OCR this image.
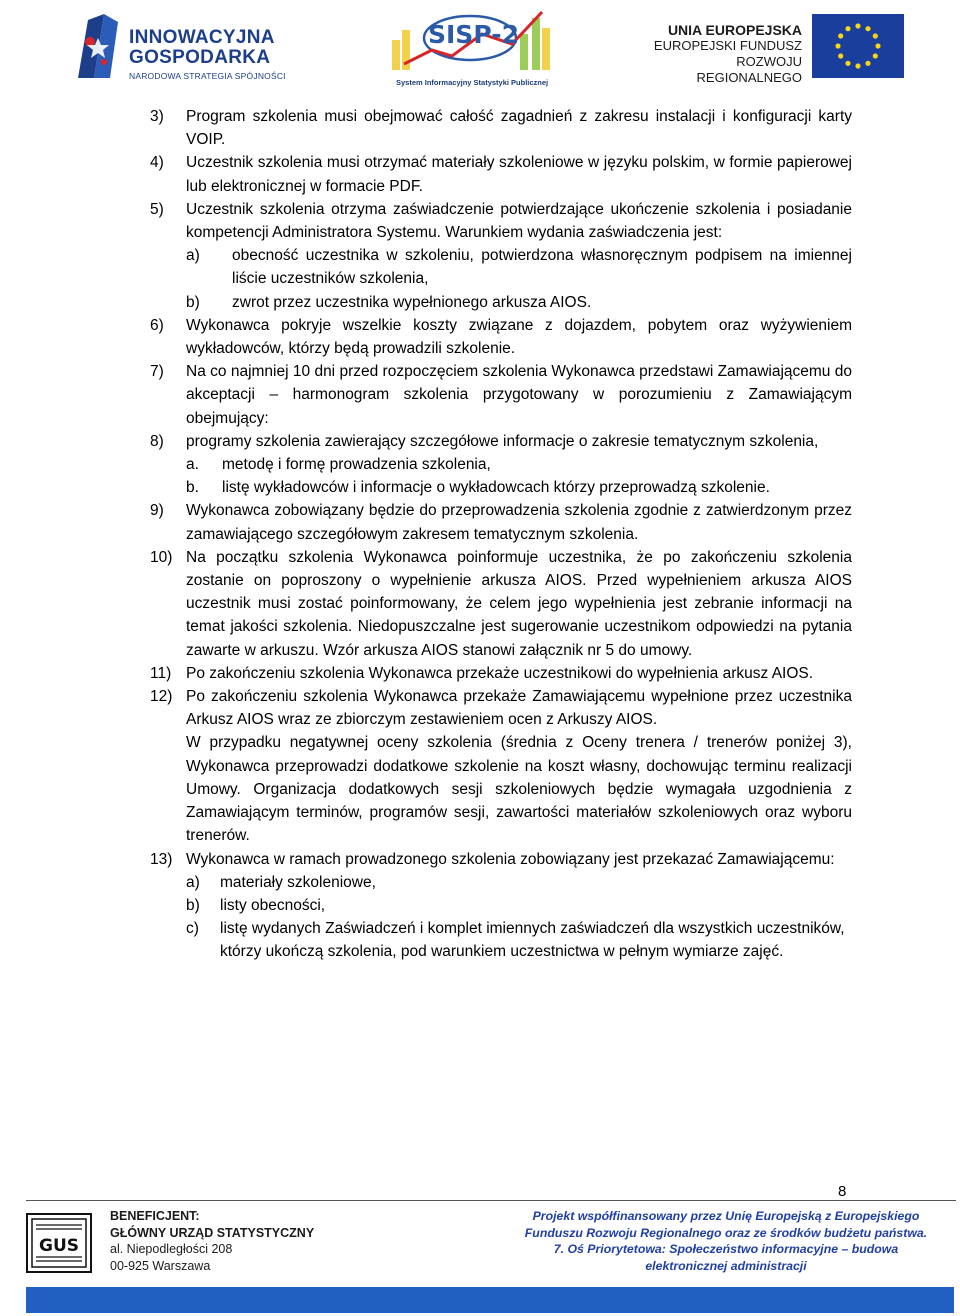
INNOWACYJNA
GOSPODARKA
NARODOWA STRATEGIA SPÓJNOŚCI
SISP-2
System Informacyjny Statystyki Publicznej
UNIA EUROPEJSKA
EUROPEJSKI FUNDUSZ
ROZWOJU REGIONALNEGO
3) Program szkolenia musi obejmować całość zagadnień z zakresu instalacji i konfiguracji karty VOIP.
4) Uczestnik szkolenia musi otrzymać materiały szkoleniowe w języku polskim, w formie papierowej lub elektronicznej w formacie PDF.
5) Uczestnik szkolenia otrzyma zaświadczenie potwierdzające ukończenie szkolenia i posiadanie kompetencji Administratora Systemu. Warunkiem wydania zaświadczenia jest:
a) obecność uczestnika w szkoleniu, potwierdzona własnoręcznym podpisem na imiennej liście uczestników szkolenia,
b) zwrot przez uczestnika wypełnionego arkusza AIOS.
6) Wykonawca pokryje wszelkie koszty związane z dojazdem, pobytem oraz wyżywieniem wykładowców, którzy będą prowadzili szkolenie.
7) Na co najmniej 10 dni przed rozpoczęciem szkolenia Wykonawca przedstawi Zamawiającemu do akceptacji – harmonogram szkolenia przygotowany w porozumieniu z Zamawiającym obejmujący:
8) programy szkolenia zawierający szczegółowe informacje o zakresie tematycznym szkolenia,
a. metodę i formę prowadzenia szkolenia,
b. listę wykładowców i informacje o wykładowcach którzy przeprowadzą szkolenie.
9) Wykonawca zobowiązany będzie do przeprowadzenia szkolenia zgodnie z zatwierdzonym przez zamawiającego szczegółowym zakresem tematycznym szkolenia.
10) Na początku szkolenia Wykonawca poinformuje uczestnika, że po zakończeniu szkolenia zostanie on poproszony o wypełnienie arkusza AIOS. Przed wypełnieniem arkusza AIOS uczestnik musi zostać poinformowany, że celem jego wypełnienia jest zebranie informacji na temat jakości szkolenia. Niedopuszczalne jest sugerowanie uczestnikom odpowiedzi na pytania zawarte w arkuszu. Wzór arkusza AIOS stanowi załącznik nr 5 do umowy.
11) Po zakończeniu szkolenia Wykonawca przekaże uczestnikowi do wypełnienia arkusz AIOS.
12) Po zakończeniu szkolenia Wykonawca przekaże Zamawiającemu wypełnione przez uczestnika Arkusz AIOS wraz ze zbiorczym zestawieniem ocen z Arkuszy AIOS.
W przypadku negatywnej oceny szkolenia (średnia z Oceny trenera / trenerów poniżej 3), Wykonawca przeprowadzi dodatkowe szkolenie na koszt własny, dochowując terminu realizacji Umowy. Organizacja dodatkowych sesji szkoleniowych będzie wymagała uzgodnienia z Zamawiającym terminów, programów sesji, zawartości materiałów szkoleniowych oraz wyboru trenerów.
13) Wykonawca w ramach prowadzonego szkolenia zobowiązany jest przekazać Zamawiającemu:
a) materiały szkoleniowe,
b) listy obecności,
c) listę wydanych Zaświadczeń i komplet imiennych zaświadczeń dla wszystkich uczestników, którzy ukończą szkolenia, pod warunkiem uczestnictwa w pełnym wymiarze zajęć.
8
GUS
BENEFICJENT:
GŁÓWNY URZĄD STATYSTYCZNY
al. Niepodległości 208
00-925 Warszawa
Projekt współfinansowany przez Unię Europejską z Europejskiego
Funduszu Rozwoju Regionalnego oraz ze środków budżetu państwa.
7. Oś Priorytetowa: Społeczeństwo informacyjne – budowa
elektronicznej administracji
